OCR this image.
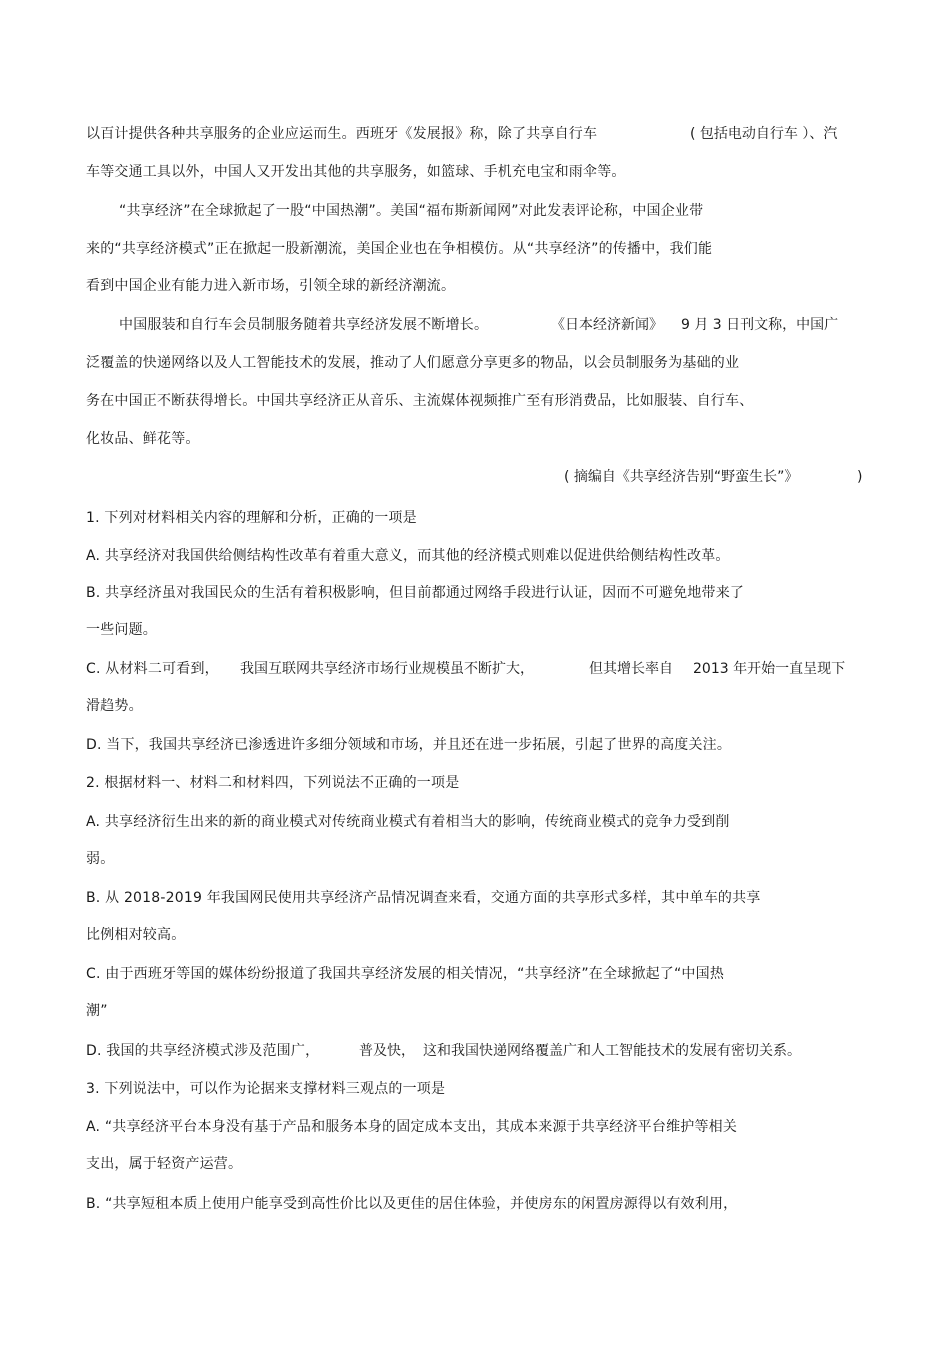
以百计提供各种共享服务的企业应运而生。西班牙《发展报》称，除了共享自行车	( 包括电动自行车 ）、汽
车等交通工具以外，中国人又开发出其他的共享服务，如篮球、手机充电宝和雨伞等。
“共享经济”在全球掀起了一股“中国热潮”。美国“福布斯新闻网”对此发表评论称，中国企业带
来的“共享经济模式”正在掀起一股新潮流，美国企业也在争相模仿。从“共享经济”的传播中，我们能
看到中国企业有能力进入新市场，引领全球的新经济潮流。
中国服装和自行车会员制服务随着共享经济发展不断增长。	《日本经济新闻》 9 月 3 日刊文称，中国广
泛覆盖的快递网络以及人工智能技术的发展，推动了人们愿意分享更多的物品，以会员制服务为基础的业
务在中国正不断获得增长。中国共享经济正从音乐、主流媒体视频推广至有形消费品，比如服装、自行车、
化妆品、鲜花等。
( 摘编自《共享经济告别“野蛮生长”》	)
1. 下列对材料相关内容的理解和分析，正确的一项是
A. 共享经济对我国供给侧结构性改革有着重大意义，而其他的经济模式则难以促进供给侧结构性改革。
B. 共享经济虽对我国民众的生活有着积极影响，但目前都通过网络手段进行认证，因而不可避免地带来了
一些问题。
C. 从材料二可看到， 我国互联网共享经济市场行业规模虽不断扩大，	但其增长率自 2013 年开始一直呈现下
滑趋势。
D. 当下，我国共享经济已渗透进许多细分领域和市场，并且还在进一步拓展，引起了世界的高度关注。
2. 根据材料一、材料二和材料四，下列说法不正确的一项是
A. 共享经济衍生出来的新的商业模式对传统商业模式有着相当大的影响，传统商业模式的竞争力受到削
弱。
B. 从 2018-2019 年我国网民使用共享经济产品情况调查来看，交通方面的共享形式多样，其中单车的共享
比例相对较高。
C. 由于西班牙等国的媒体纷纷报道了我国共享经济发展的相关情况，“共享经济”在全球掀起了“中国热
潮”
D. 我国的共享经济模式涉及范围广，	普及快， 这和我国快递网络覆盖广和人工智能技术的发展有密切关系。
3. 下列说法中，可以作为论据来支撑材料三观点的一项是
A. “共享经济平台本身没有基于产品和服务本身的固定成本支出，其成本来源于共享经济平台维护等相关
支出，属于轻资产运营。
B. “共享短租本质上使用户能享受到高性价比以及更佳的居住体验，并使房东的闲置房源得以有效利用，
